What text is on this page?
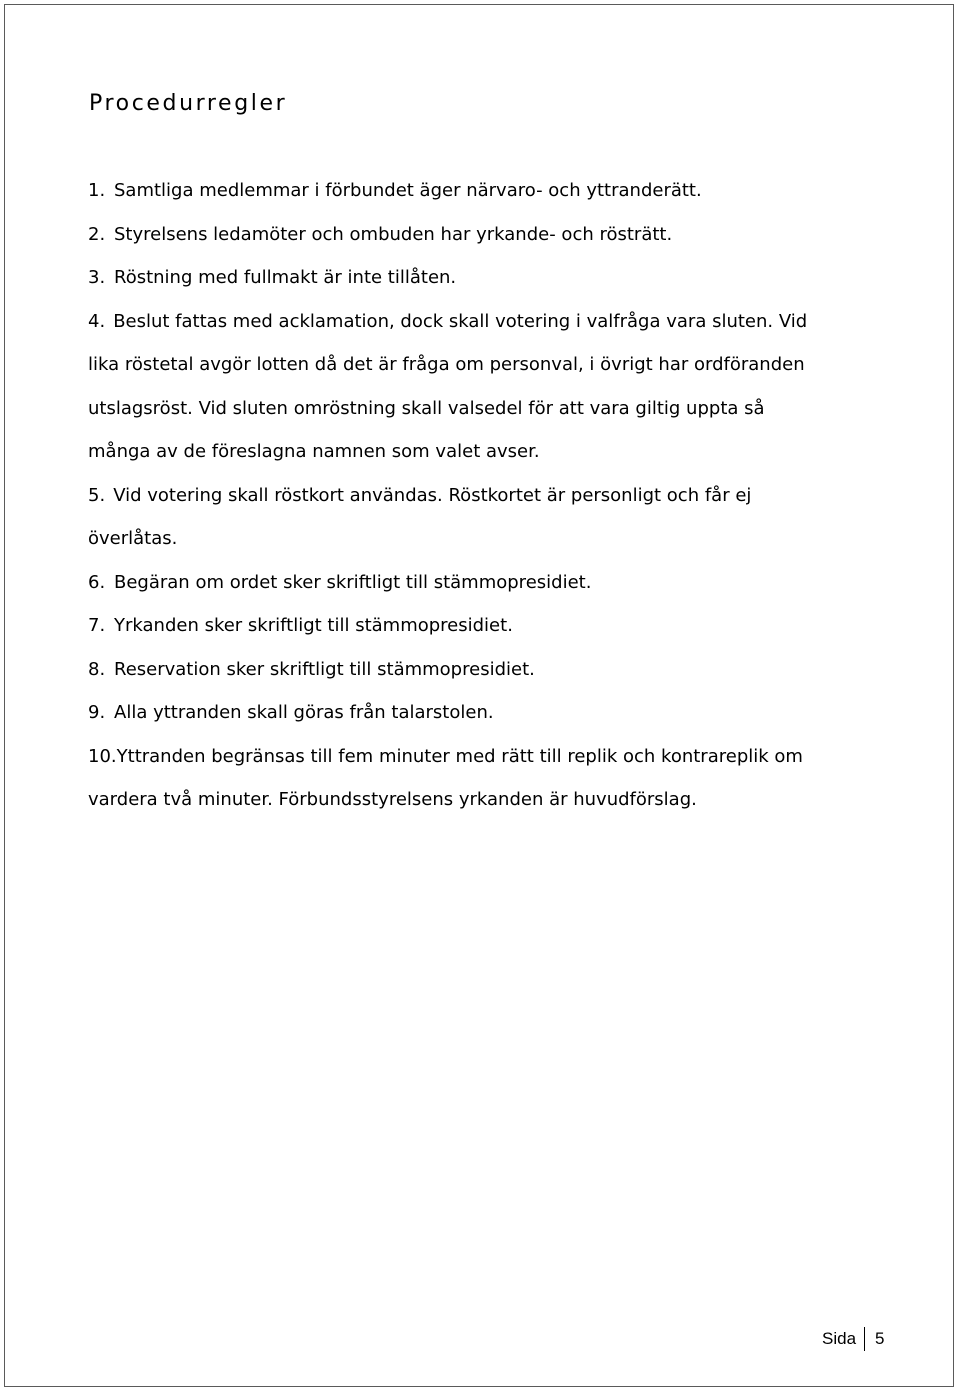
Procedurregler
1. Samtliga medlemmar i förbundet äger närvaro- och yttranderätt.
2. Styrelsens ledamöter och ombuden har yrkande- och rösträtt.
3. Röstning med fullmakt är inte tillåten.
4. Beslut fattas med acklamation, dock skall votering i valfråga vara sluten. Vid lika röstetal avgör lotten då det är fråga om personval, i övrigt har ordföranden utslagsröst. Vid sluten omröstning skall valsedel för att vara giltig uppta så många av de föreslagna namnen som valet avser.
5. Vid votering skall röstkort användas. Röstkortet är personligt och får ej överlåtas.
6. Begäran om ordet sker skriftligt till stämmopresidiet.
7. Yrkanden sker skriftligt till stämmopresidiet.
8. Reservation sker skriftligt till stämmopresidiet.
9. Alla yttranden skall göras från talarstolen.
10.Yttranden begränsas till fem minuter med rätt till replik och kontrareplik om vardera två minuter. Förbundsstyrelsens yrkanden är huvudförslag.
Sida 5
